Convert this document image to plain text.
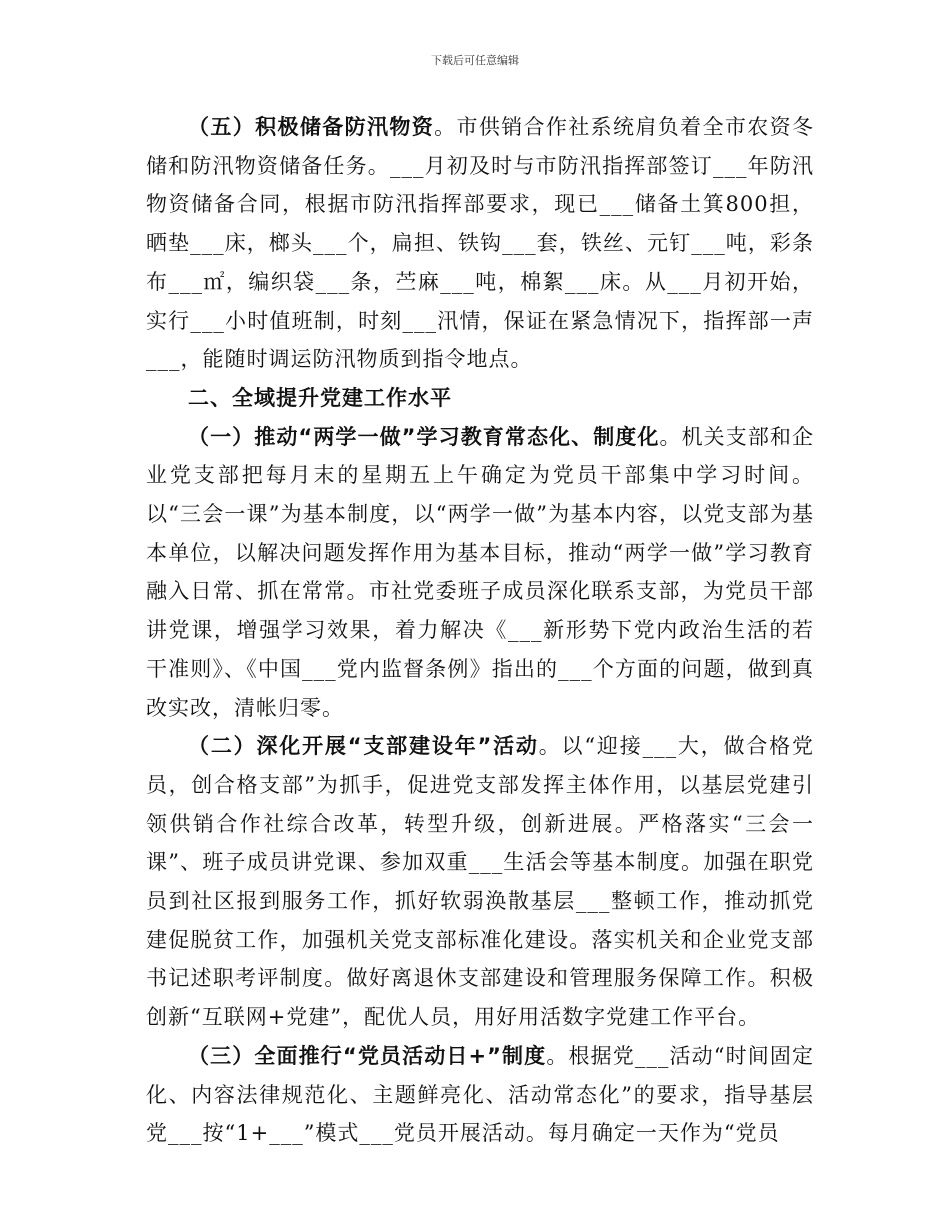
下载后可任意编辑

（五）积极储备防汛物资。市供销合作社系统肩负着全市农资冬储和防汛物资储备任务。___月初及时与市防汛指挥部签订___年防汛物资储备合同，根据市防汛指挥部要求，现已___储备土箕800担，晒垫___床，榔头___个，扁担、铁钩___套，铁丝、元钉___吨，彩条布___㎡，编织袋___条，苎麻___吨，棉絮___床。从___月初开始，实行___小时值班制，时刻___汛情，保证在紧急情况下，指挥部一声___，能随时调运防汛物质到指令地点。

二、全域提升党建工作水平

（一）推动“两学一做”学习教育常态化、制度化。机关支部和企业党支部把每月末的星期五上午确定为党员干部集中学习时间。以“三会一课”为基本制度，以“两学一做”为基本内容，以党支部为基本单位，以解决问题发挥作用为基本目标，推动“两学一做”学习教育融入日常、抓在常常。市社党委班子成员深化联系支部，为党员干部讲党课，增强学习效果，着力解决《___新形势下党内政治生活的若干准则》、《中国___党内监督条例》指出的___个方面的问题，做到真改实改，清帐归零。

（二）深化开展“支部建设年”活动。以“迎接___大，做合格党员，创合格支部”为抓手，促进党支部发挥主体作用，以基层党建引领供销合作社综合改革，转型升级，创新进展。严格落实“三会一课”、班子成员讲党课、参加双重___生活会等基本制度。加强在职党员到社区报到服务工作，抓好软弱涣散基层___整顿工作，推动抓党建促脱贫工作，加强机关党支部标准化建设。落实机关和企业党支部书记述职考评制度。做好离退休支部建设和管理服务保障工作。积极创新“互联网+党建”，配优人员，用好用活数字党建工作平台。

（三）全面推行“党员活动日+”制度。根据党___活动“时间固定化、内容法律规范化、主题鲜亮化、活动常态化”的要求，指导基层党___按“1+___”模式___党员开展活动。每月确定一天作为“党员
